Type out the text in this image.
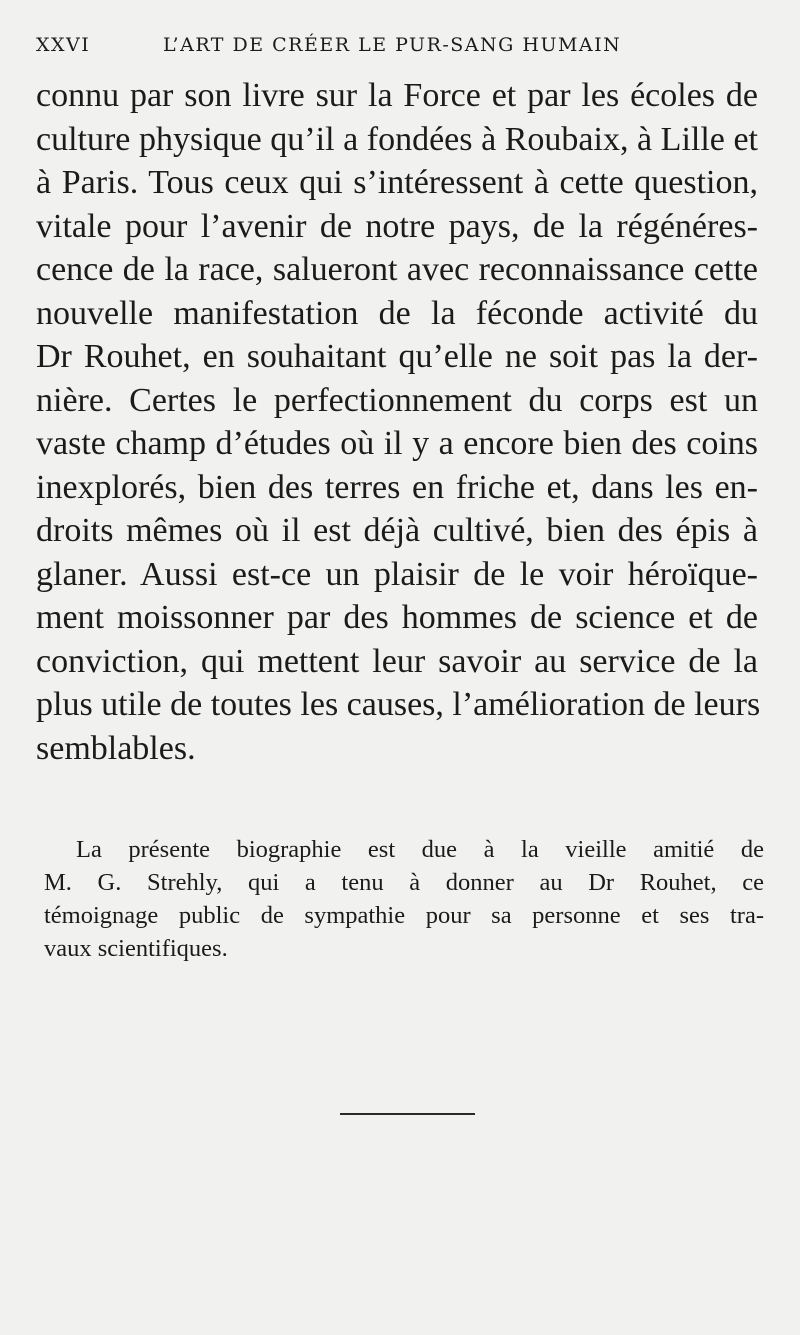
XXVI	L’ART DE CRÉER LE PUR-SANG HUMAIN
connu par son livre sur la Force et par les écoles de
culture physique qu’il a fondées à Roubaix, à Lille et
à Paris. Tous ceux qui s’intéressent à cette question,
vitale pour l’avenir de notre pays, de la régénéres-
cence de la race, salueront avec reconnaissance cette
nouvelle manifestation de la féconde activité du
Dr Rouhet, en souhaitant qu’elle ne soit pas la der-
nière. Certes le perfectionnement du corps est un
vaste champ d’études où il y a encore bien des coins
inexplorés, bien des terres en friche et, dans les en-
droits mêmes où il est déjà cultivé, bien des épis à
glaner. Aussi est-ce un plaisir de le voir héroïque-
ment moissonner par des hommes de science et de
conviction, qui mettent leur savoir au service de la
plus utile de toutes les causes, l’amélioration de leurs
semblables.
La présente biographie est due à la vieille amitié de
M. G. Strehly, qui a tenu à donner au Dr Rouhet, ce
témoignage public de sympathie pour sa personne et ses tra-
vaux scientifiques.
